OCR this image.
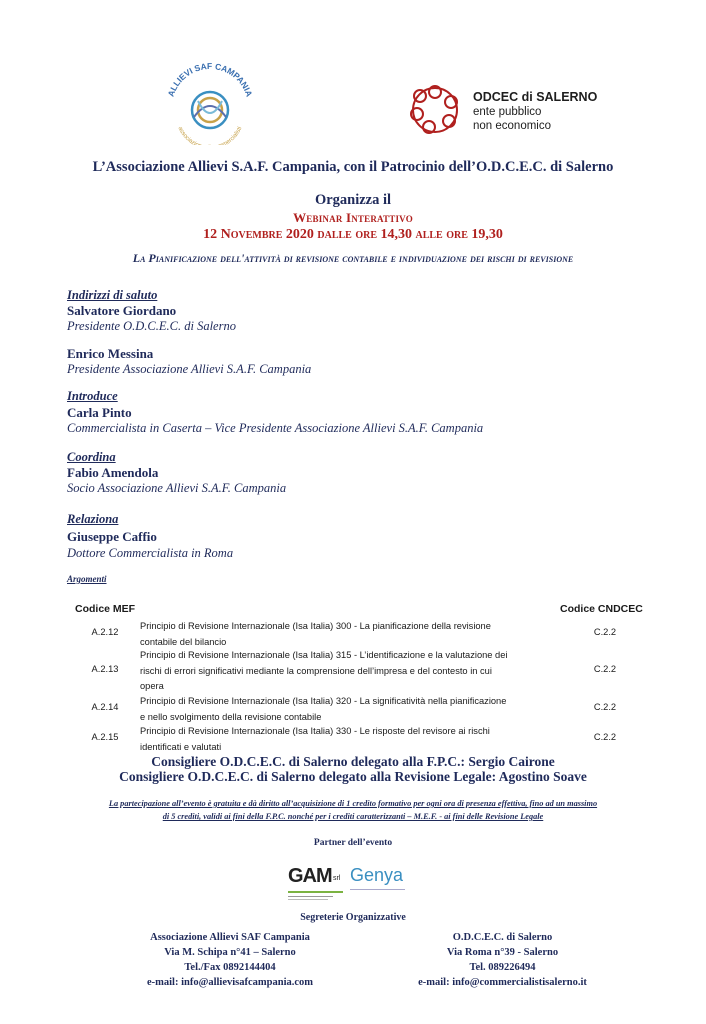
ALLIEVI SAF CAMPANIA
associazi mercialisti
ODCEC di SALERNO
ente pubblico
non economico
L’Associazione Allievi S.A.F. Campania, con il Patrocinio dell’O.D.C.E.C. di Salerno
Organizza il
Webinar Interattivo
12 Novembre 2020 dalle ore 14,30 alle ore 19,30
La Pianificazione dell'attività di revisione contabile e individuazione dei rischi di revisione
Indirizzi di saluto
Salvatore Giordano
Presidente O.D.C.E.C. di Salerno
Enrico Messina
Presidente Associazione Allievi S.A.F. Campania
Introduce
Carla Pinto
Commercialista in Caserta – Vice Presidente Associazione Allievi S.A.F. Campania
Coordina
Fabio Amendola
Socio Associazione Allievi S.A.F. Campania
Relaziona
Giuseppe Caffio
Dottore Commercialista in Roma
Argomenti
Codice MEF	Codice CNDCEC
A.2.12
Principio di Revisione Internazionale (Isa Italia) 300 - La pianificazione della revisione
contabile del bilancio
C.2.2
A.2.13
Principio di Revisione Internazionale (Isa Italia) 315 - L’identificazione e la valutazione dei
rischi di errori significativi mediante la comprensione dell’impresa e del contesto in cui
opera
C.2.2
A.2.14
Principio di Revisione Internazionale (Isa Italia) 320 - La significatività nella pianificazione
e nello svolgimento della revisione contabile
C.2.2
A.2.15
Principio di Revisione Internazionale (Isa Italia) 330 - Le risposte del revisore ai rischi
identificati e valutati
C.2.2
Consigliere O.D.C.E.C. di Salerno delegato alla F.P.C.: Sergio Cairone
Consigliere O.D.C.E.C. di Salerno delegato alla Revisione Legale: Agostino Soave
La partecipazione all’evento è gratuita e dà diritto all’acquisizione di 1 credito formativo per ogni ora di presenza effettiva, fino ad un massimo
di 5 crediti, validi ai fini della F.P.C. nonché per i crediti caratterizzanti – M.E.F. - ai fini delle Revisione Legale
Partner dell’evento
GAM srl Genya
Segreterie Organizzative
Associazione Allievi SAF Campania
Via M. Schipa n°41 – Salerno
Tel./Fax 0892144404
e-mail: info@allievisafcampania.com
O.D.C.E.C. di Salerno
Via Roma n°39 - Salerno
Tel. 089226494
e-mail: info@commercialistisalerno.it
